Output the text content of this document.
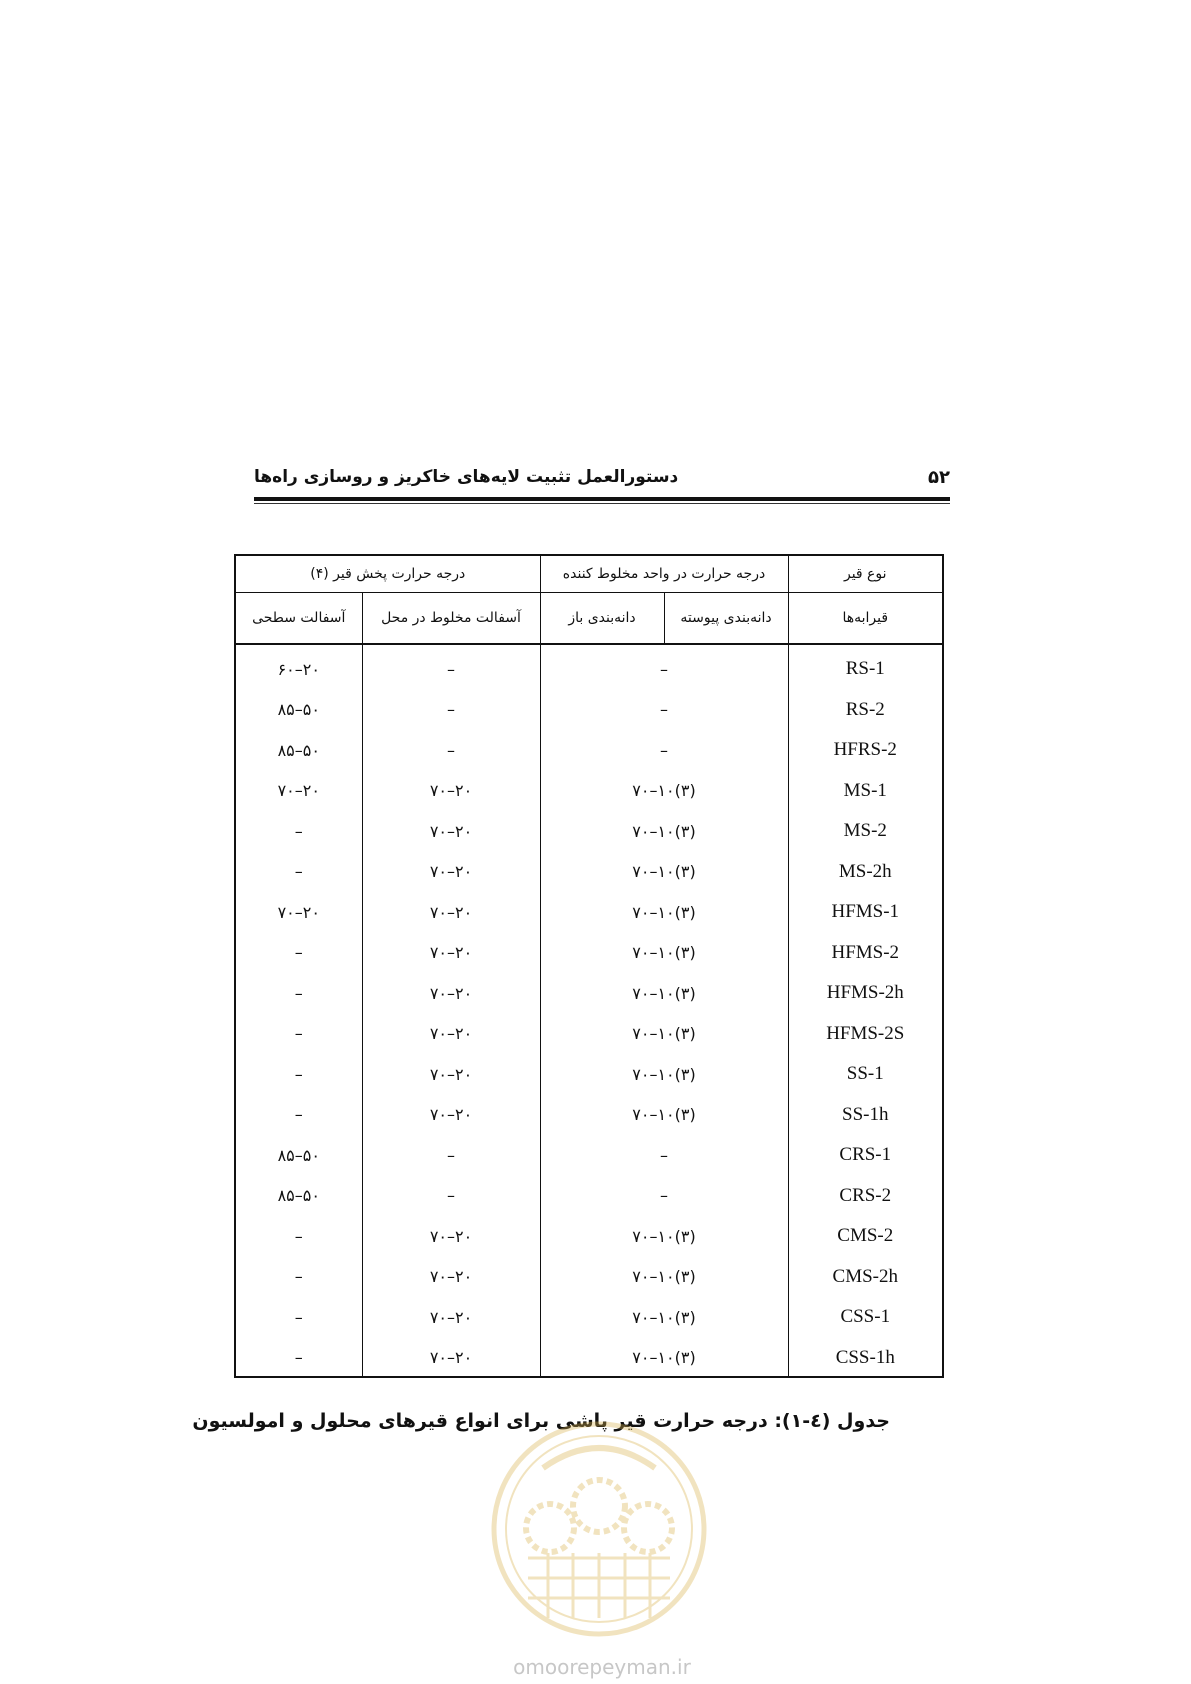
۵۲
دستورالعمل تثبیت لایه‌های خاکریز و روسازی راه‌ها
نوع قیر	درجه حرارت در واحد مخلوط کننده		درجه حرارت پخش قیر (۴)	
قیرابه‌ها	دانه‌بندی پیوسته	دانه‌بندی باز	آسفالت مخلوط در محل	آسفالت سطحی
RS-1	–		–	۲۰–۶۰
RS-2	–		–	۵۰–۸۵
HFRS-2	–		–	۵۰–۸۵
MS-1	(۳)۱۰–۷۰		۲۰–۷۰	۲۰–۷۰
MS-2	(۳)۱۰–۷۰		۲۰–۷۰	–
MS-2h	(۳)۱۰–۷۰		۲۰–۷۰	–
HFMS-1	(۳)۱۰–۷۰		۲۰–۷۰	۲۰–۷۰
HFMS-2	(۳)۱۰–۷۰		۲۰–۷۰	–
HFMS-2h	(۳)۱۰–۷۰		۲۰–۷۰	–
HFMS-2S	(۳)۱۰–۷۰		۲۰–۷۰	–
SS-1	(۳)۱۰–۷۰		۲۰–۷۰	–
SS-1h	(۳)۱۰–۷۰		۲۰–۷۰	–
CRS-1	–		–	۵۰–۸۵
CRS-2	–		–	۵۰–۸۵
CMS-2	(۳)۱۰–۷۰		۲۰–۷۰	–
CMS-2h	(۳)۱۰–۷۰		۲۰–۷۰	–
CSS-1	(۳)۱۰–۷۰		۲۰–۷۰	–
CSS-1h	(۳)۱۰–۷۰		۲۰–۷۰	–
جدول (٤-١): درجه حرارت قیر پاشی برای انواع قیرهای محلول و امولسیون
omoorepeyman.ir
